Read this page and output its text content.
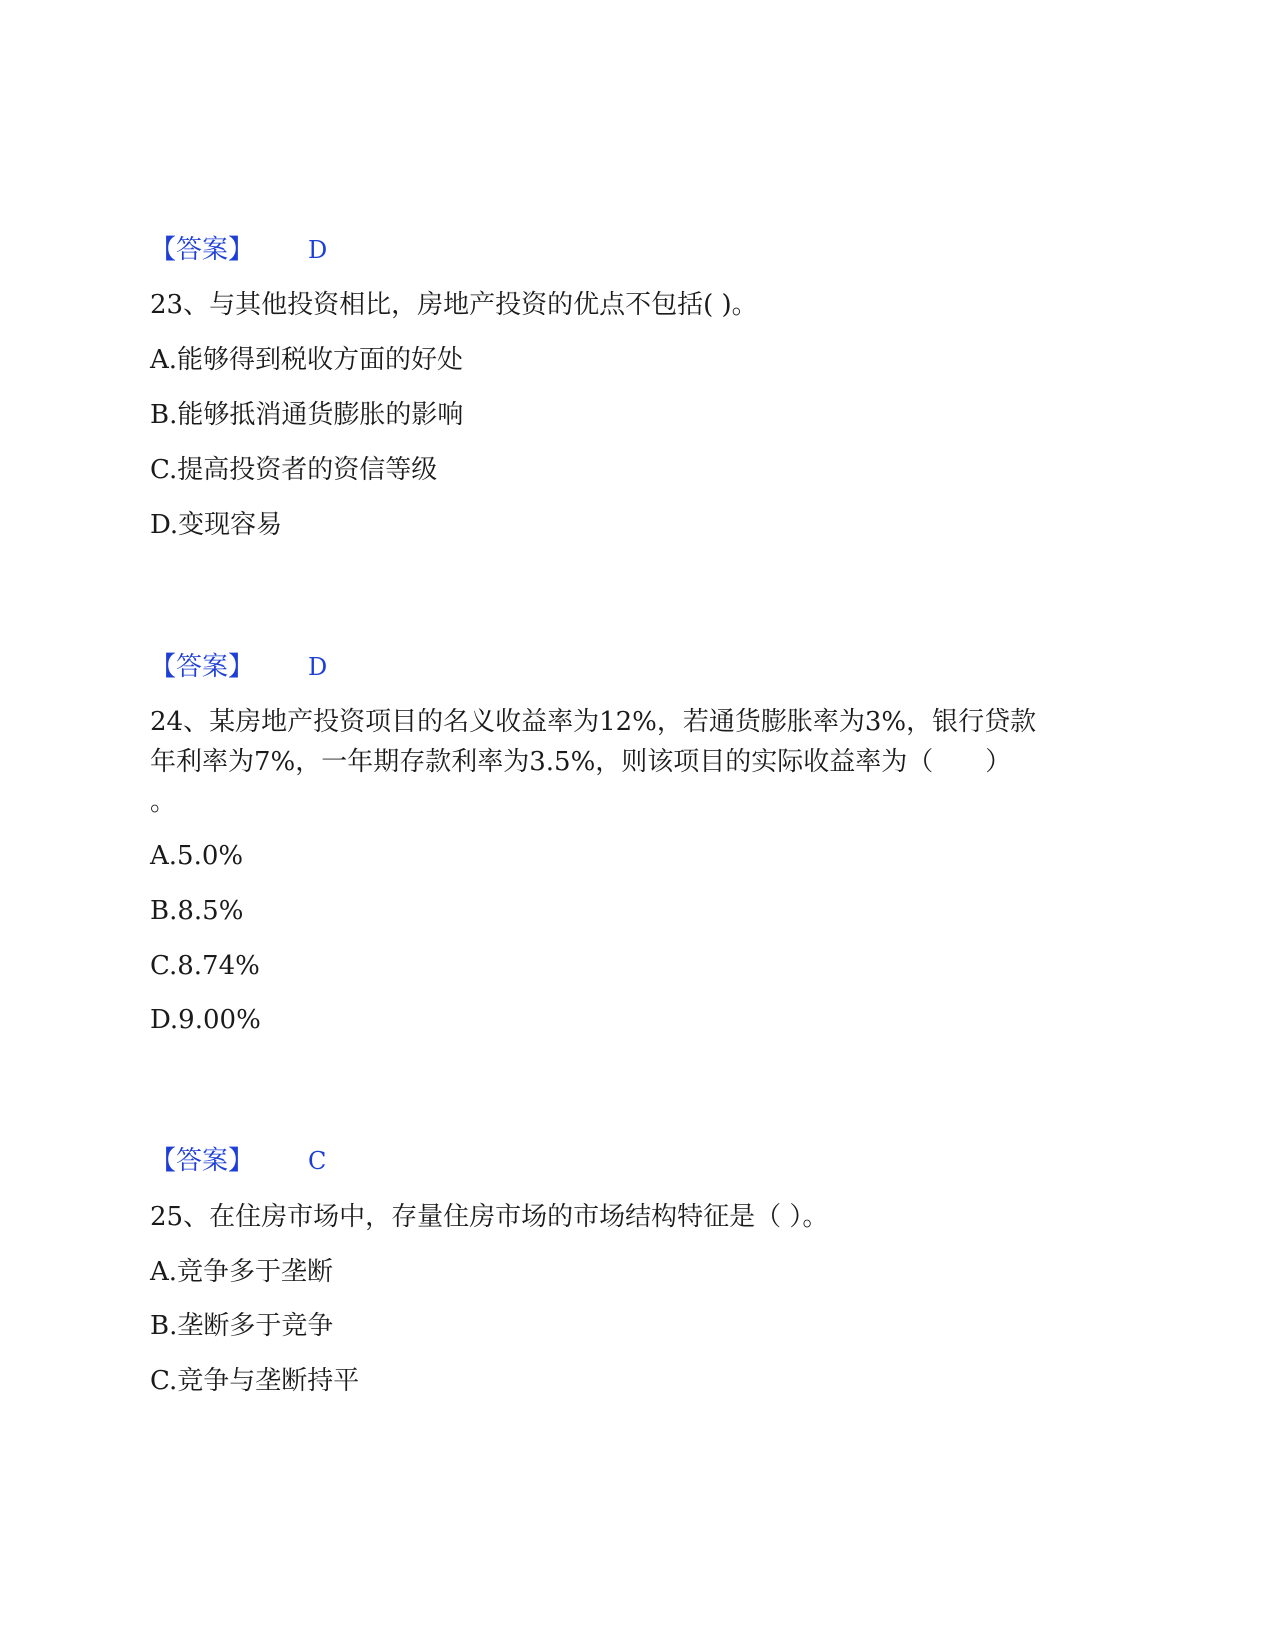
【答案】 D
23、与其他投资相比，房地产投资的优点不包括( )。
A.能够得到税收方面的好处
B.能够抵消通货膨胀的影响
C.提高投资者的资信等级
D.变现容易
【答案】 D
24、某房地产投资项目的名义收益率为12%，若通货膨胀率为3%，银行贷款
年利率为7%，一年期存款利率为3.5%，则该项目的实际收益率为（　　）
。
A.5.0%
B.8.5%
C.8.74%
D.9.00%
【答案】 C
25、在住房市场中，存量住房市场的市场结构特征是（ ）。
A.竞争多于垄断
B.垄断多于竞争
C.竞争与垄断持平
